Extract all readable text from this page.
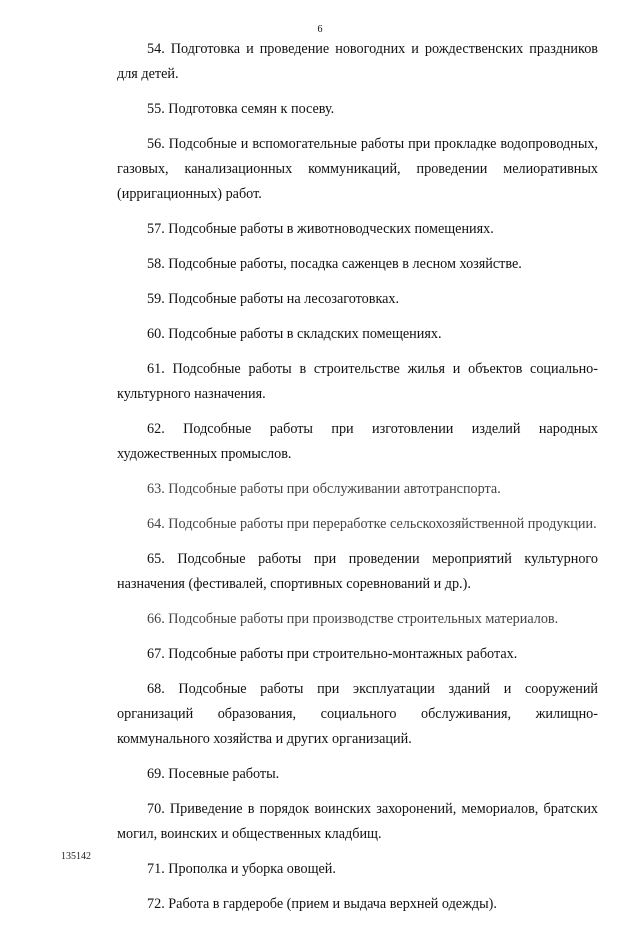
6

54. Подготовка и проведение новогодних и рождественских праздников для детей.

55. Подготовка семян к посеву.

56. Подсобные и вспомогательные работы при прокладке водопроводных, газовых, канализационных коммуникаций, проведении мелиоративных (ирригационных) работ.

57. Подсобные работы в животноводческих помещениях.

58. Подсобные работы, посадка саженцев в лесном хозяйстве.

59. Подсобные работы на лесозаготовках.

60. Подсобные работы в складских помещениях.

61. Подсобные работы в строительстве жилья и объектов социально-культурного назначения.

62. Подсобные работы при изготовлении изделий народных художественных промыслов.

63. Подсобные работы при обслуживании автотранспорта.

64. Подсобные работы при переработке сельскохозяйственной продукции.

65. Подсобные работы при проведении мероприятий культурного назначения (фестивалей, спортивных соревнований и др.).

66. Подсобные работы при производстве строительных материалов.

67. Подсобные работы при строительно-монтажных работах.

68. Подсобные работы при эксплуатации зданий и сооружений организаций образования, социального обслуживания, жилищно-коммунального хозяйства и других организаций.

69. Посевные работы.

70. Приведение в порядок воинских захоронений, мемориалов, братских могил, воинских и общественных кладбищ.

71. Прополка и уборка овощей.

72. Работа в гардеробе (прием и выдача верхней одежды).

135142
